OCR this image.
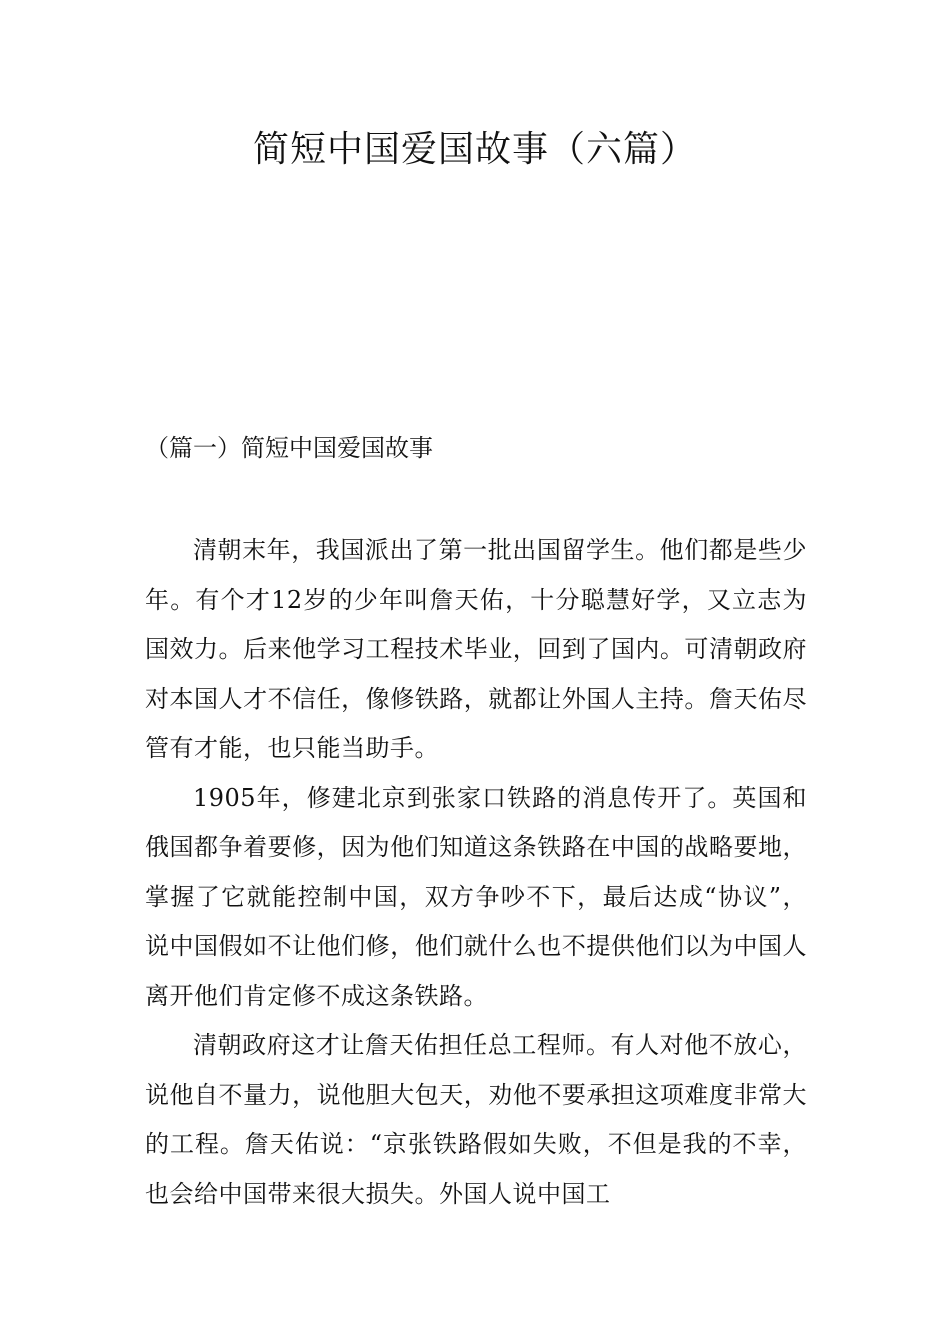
简短中国爱国故事（六篇）
（篇一）简短中国爱国故事

清朝末年，我国派出了第一批出国留学生。他们都是些少年。有个才12岁的少年叫詹天佑，十分聪慧好学，又立志为国效力。后来他学习工程技术毕业，回到了国内。可清朝政府对本国人才不信任，像修铁路，就都让外国人主持。詹天佑尽管有才能，也只能当助手。

1905年，修建北京到张家口铁路的消息传开了。英国和俄国都争着要修，因为他们知道这条铁路在中国的战略要地，掌握了它就能控制中国，双方争吵不下，最后达成“协议”，说中国假如不让他们修，他们就什么也不提供他们以为中国人离开他们肯定修不成这条铁路。

清朝政府这才让詹天佑担任总工程师。有人对他不放心，说他自不量力，说他胆大包天，劝他不要承担这项难度非常大的工程。詹天佑说：“京张铁路假如失败，不但是我的不幸，也会给中国带来很大损失。外国人说中国工
